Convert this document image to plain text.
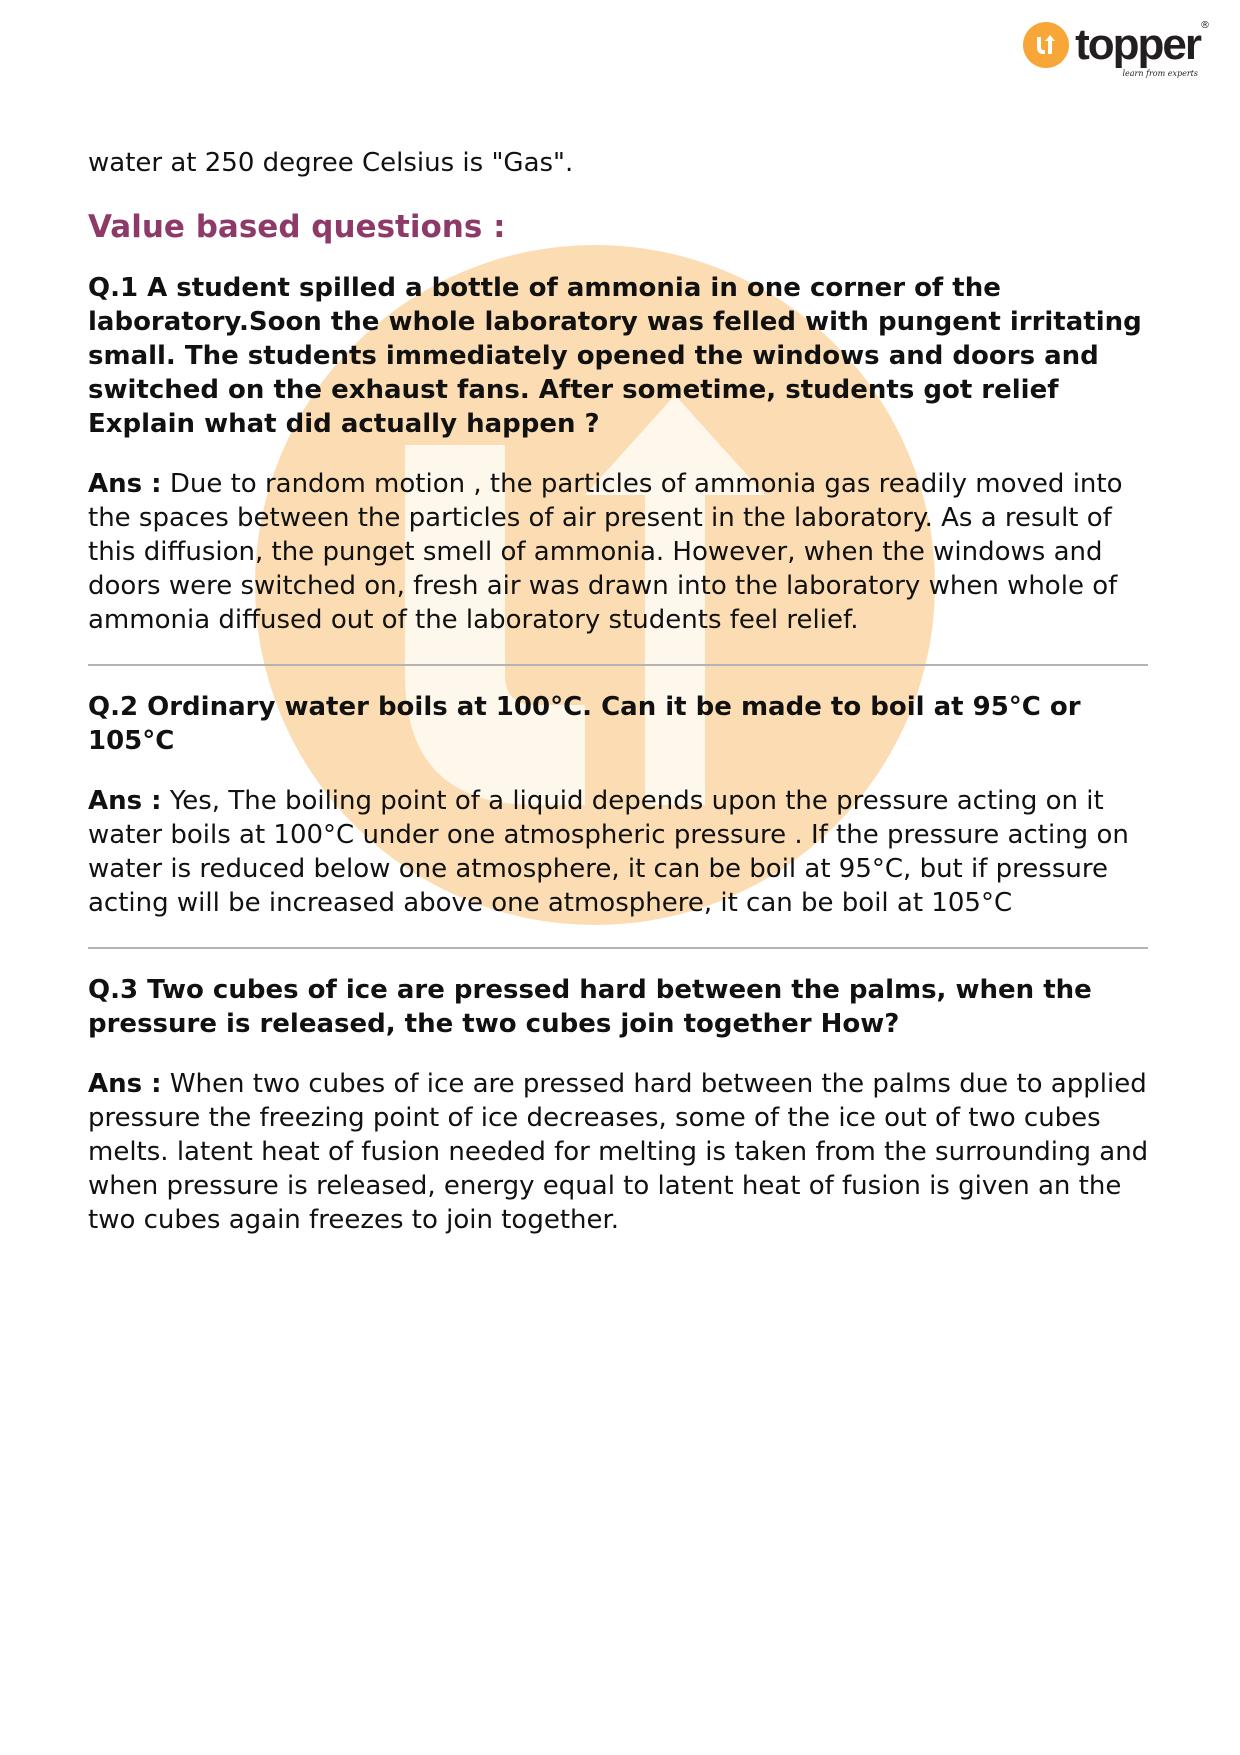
topper
learn from experts
®

water at 250 degree Celsius is "Gas".

Value based questions :

Q.1 A student spilled a bottle of ammonia in one corner of the laboratory.Soon the whole laboratory was felled with pungent irritating small. The students immediately opened the windows and doors and switched on the exhaust fans. After sometime, students got relief Explain what did actually happen ?

Ans : Due to random motion , the particles of ammonia gas readily moved into the spaces between the particles of air present in the laboratory. As a result of this diffusion, the punget smell of ammonia. However, when the windows and doors were switched on, fresh air was drawn into the laboratory when whole of ammonia diffused out of the laboratory students feel relief.

Q.2 Ordinary water boils at 100°C. Can it be made to boil at 95°C or 105°C

Ans : Yes, The boiling point of a liquid depends upon the pressure acting on it water boils at 100°C under one atmospheric pressure . If the pressure acting on water is reduced below one atmosphere, it can be boil at 95°C, but if pressure acting will be increased above one atmosphere, it can be boil at 105°C

Q.3 Two cubes of ice are pressed hard between the palms, when the pressure is released, the two cubes join together How?

Ans : When two cubes of ice are pressed hard between the palms due to applied pressure the freezing point of ice decreases, some of the ice out of two cubes melts. latent heat of fusion needed for melting is taken from the surrounding and when pressure is released, energy equal to latent heat of fusion is given an the two cubes again freezes to join together.
